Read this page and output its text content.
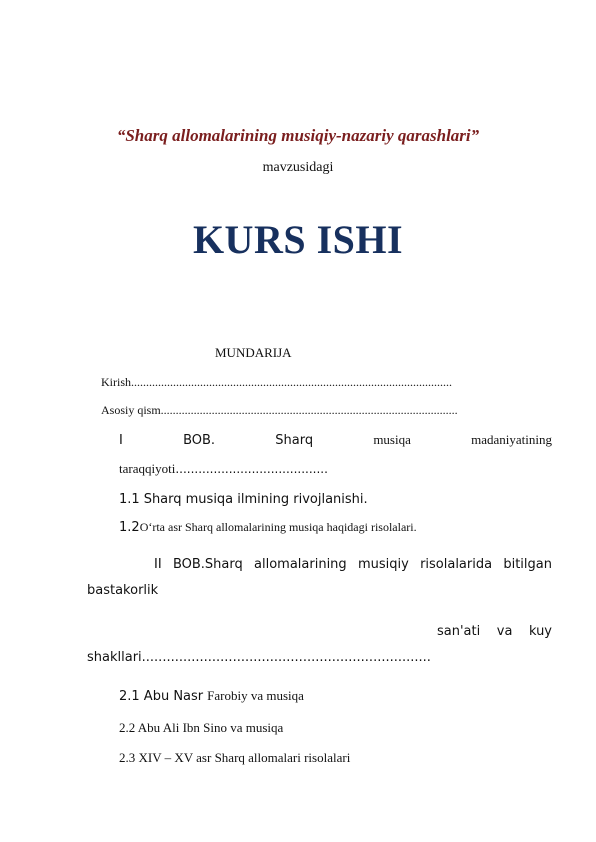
“Sharq allomalarining musiqiy-nazariy qarashlari”
mavzusidagi
KURS ISHI
MUNDARIJA
Kirish...........................................................................................................
Asosiy qism...................................................................................................
I	BOB.	Sharq	musiqa	madaniyatining
taraqqiyoti........................................
1.1 Sharq musiqa ilmining rivojlanishi.
1.2O‘rta asr Sharq allomalarining musiqa haqidagi risolalari.
II BOB.Sharq allomalarining musiqiy risolalarida bitilgan
bastakorlik
san'ati va kuy
shakllari......................................................................
2.1 Abu Nasr Farobiy va musiqa
2.2 Abu Ali Ibn Sino va musiqa
2.3 XIV – XV asr Sharq allomalari risolalari
